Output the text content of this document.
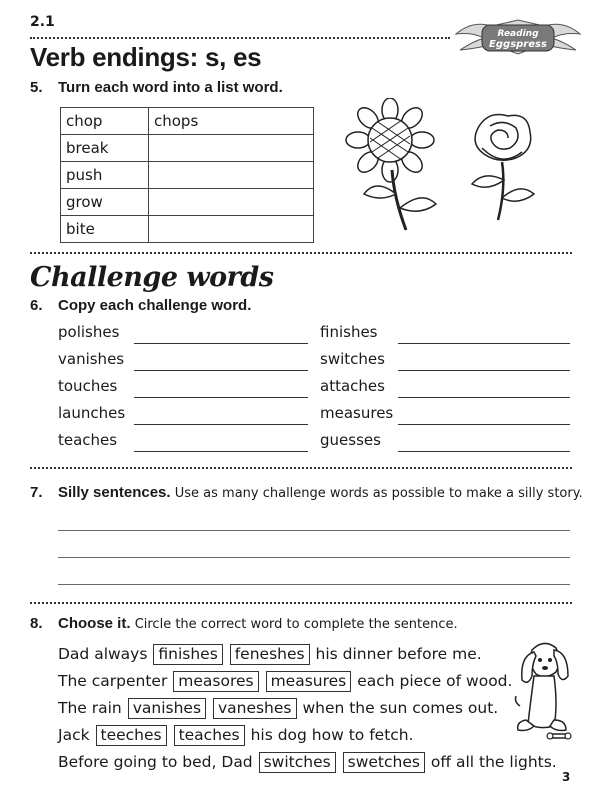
2.1
Reading
Eggspress
Verb endings: s, es
5. Turn each word into a list word.
chop	chops
break	
push	
grow	
bite	
Challenge words
6. Copy each challenge word.
polishes	finishes
vanishes	switches
touches	attaches
launches	measures
teaches	guesses
7. Silly sentences. Use as many challenge words as possible to make a silly story.
8. Choose it. Circle the correct word to complete the sentence.
Dad always finishes feneshes his dinner before me.
The carpenter measores measures each piece of wood.
The rain vanishes vaneshes when the sun comes out.
Jack teeches teaches his dog how to fetch.
Before going to bed, Dad switches swetches off all the lights.
3
